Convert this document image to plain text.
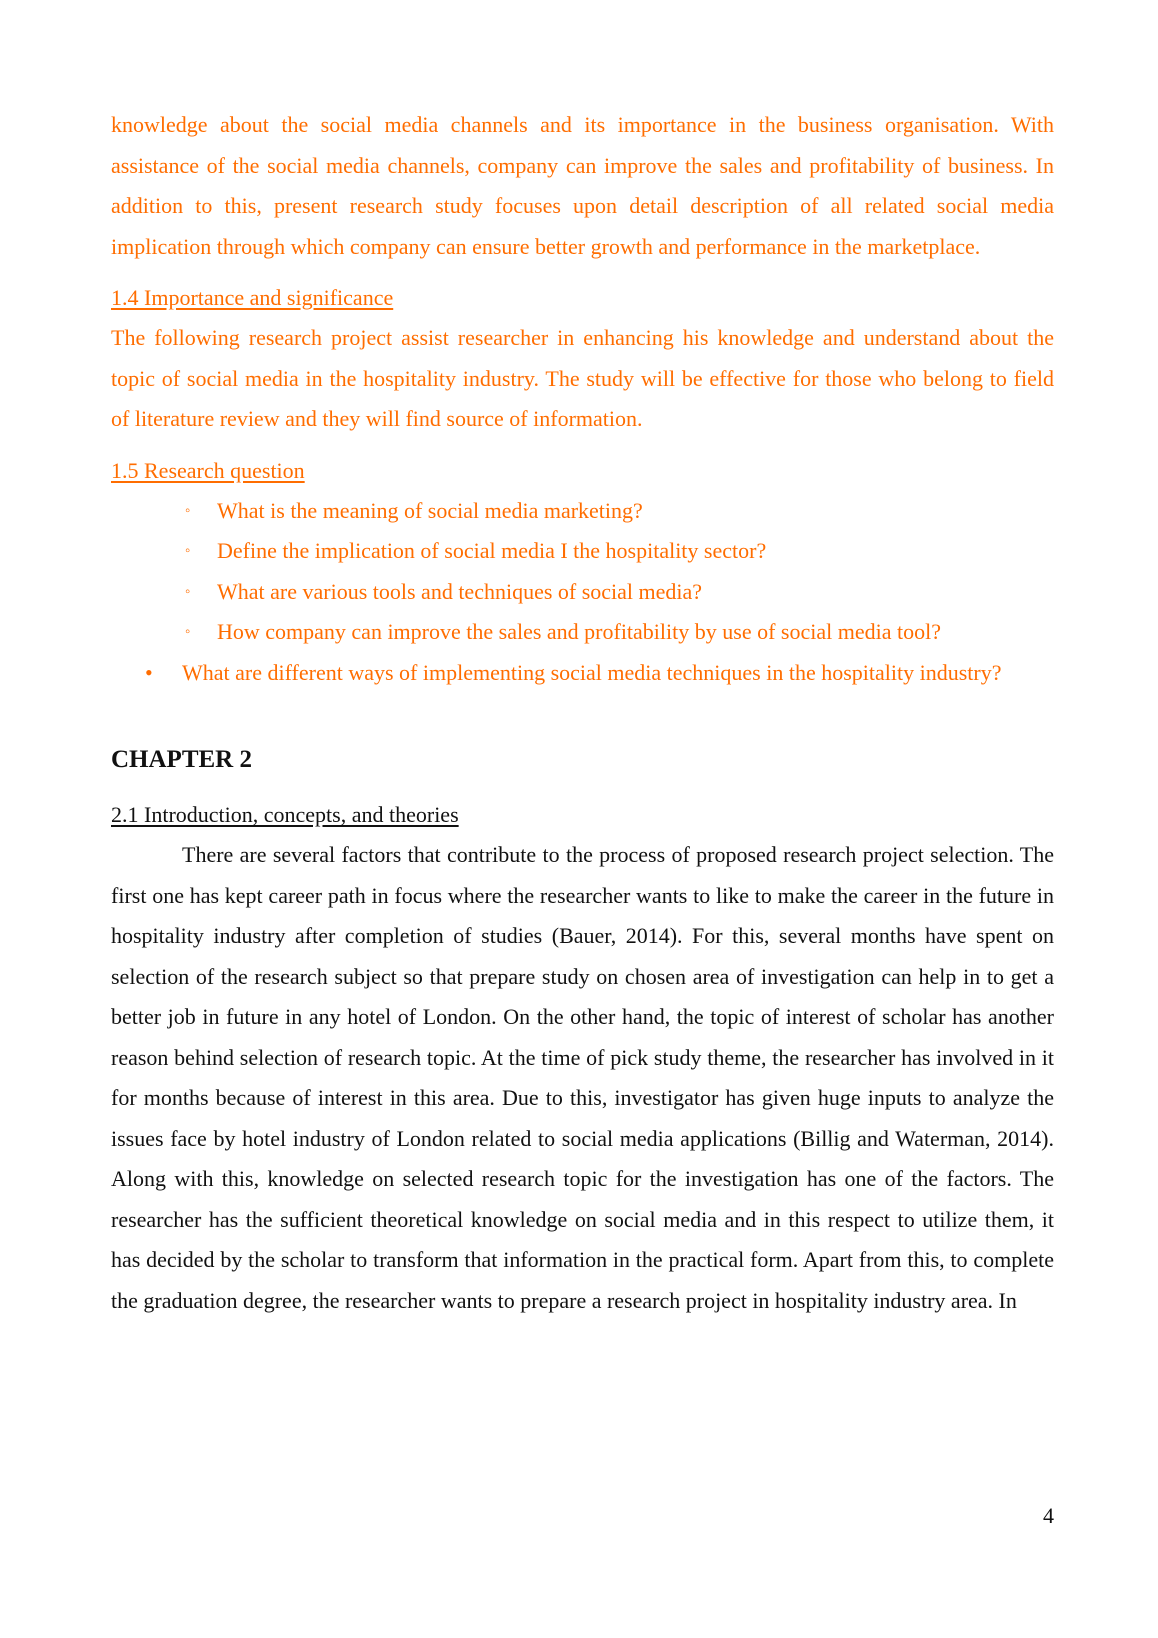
knowledge about the social media channels and its importance in the business organisation. With assistance of the social media channels, company can improve the sales and profitability of business. In addition to this, present research study focuses upon detail description of all related social media implication through which company can ensure better growth and performance in the marketplace.

1.4 Importance and significance

The following research project assist researcher in enhancing his knowledge and understand about the topic of social media in the hospitality industry. The study will be effective for those who belong to field of literature review and they will find source of information.

1.5 Research question

◦ What is the meaning of social media marketing?
◦ Define the implication of social media I the hospitality sector?
◦ What are various tools and techniques of social media?
◦ How company can improve the sales and profitability by use of social media tool?
• What are different ways of implementing social media techniques in the hospitality industry?

CHAPTER 2

2.1 Introduction, concepts, and theories

There are several factors that contribute to the process of proposed research project selection. The first one has kept career path in focus where the researcher wants to like to make the career in the future in hospitality industry after completion of studies (Bauer, 2014). For this, several months have spent on selection of the research subject so that prepare study on chosen area of investigation can help in to get a better job in future in any hotel of London. On the other hand, the topic of interest of scholar has another reason behind selection of research topic. At the time of pick study theme, the researcher has involved in it for months because of interest in this area. Due to this, investigator has given huge inputs to analyze the issues face by hotel industry of London related to social media applications (Billig and Waterman, 2014). Along with this, knowledge on selected research topic for the investigation has one of the factors. The researcher has the sufficient theoretical knowledge on social media and in this respect to utilize them, it has decided by the scholar to transform that information in the practical form. Apart from this, to complete the graduation degree, the researcher wants to prepare a research project in hospitality industry area. In

4
